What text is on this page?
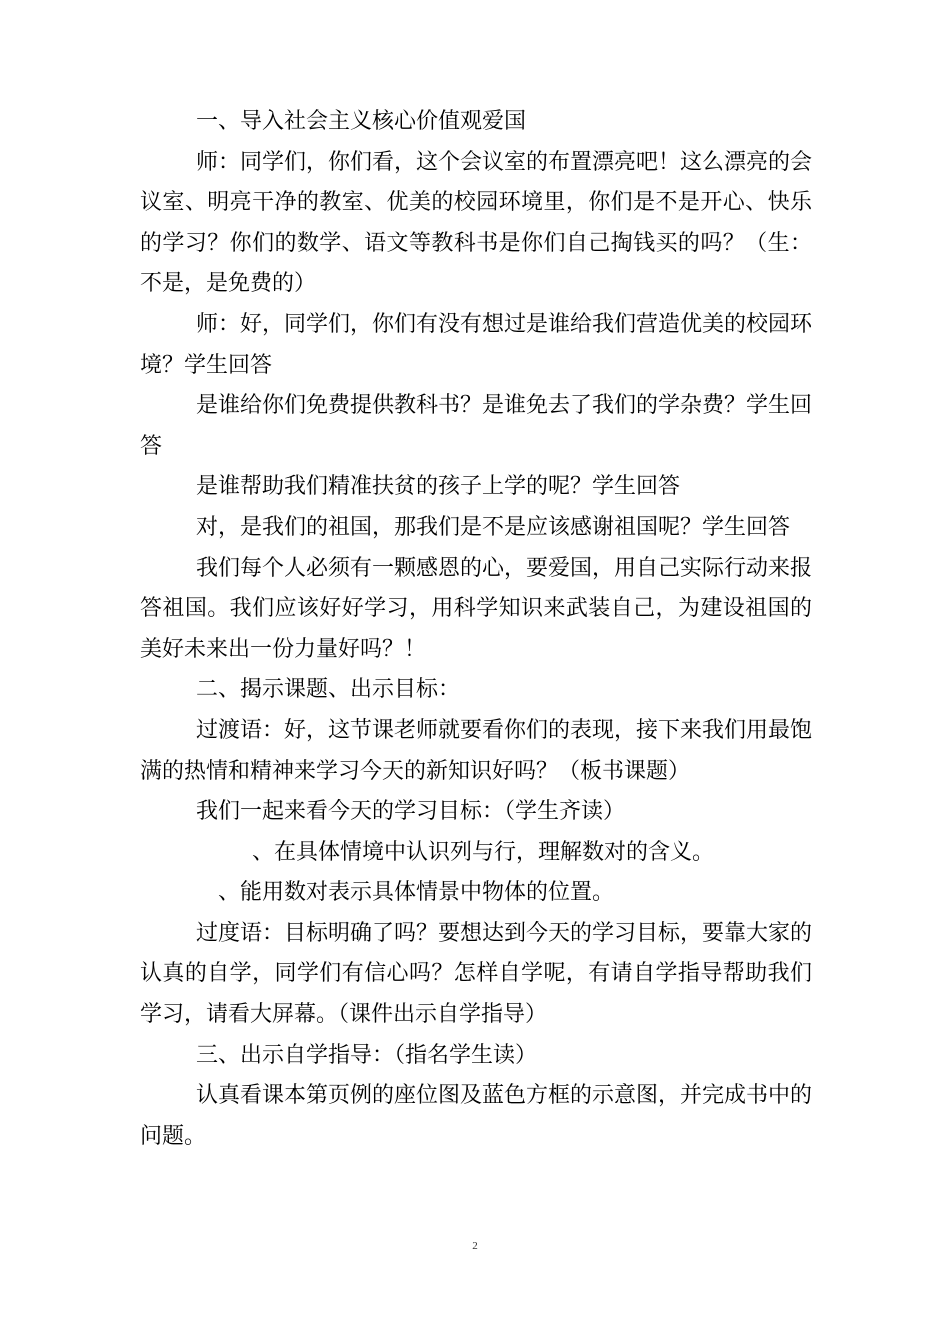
一、导入社会主义核心价值观爱国

师：同学们，你们看，这个会议室的布置漂亮吧！这么漂亮的会议室、明亮干净的教室、优美的校园环境里，你们是不是开心、快乐的学习？你们的数学、语文等教科书是你们自己掏钱买的吗？（生：不是，是免费的）

师：好，同学们，你们有没有想过是谁给我们营造优美的校园环境？学生回答

是谁给你们免费提供教科书？是谁免去了我们的学杂费？学生回答

是谁帮助我们精准扶贫的孩子上学的呢？学生回答

对，是我们的祖国，那我们是不是应该感谢祖国呢？学生回答

我们每个人必须有一颗感恩的心，要爱国，用自己实际行动来报答祖国。我们应该好好学习，用科学知识来武装自己，为建设祖国的美好未来出一份力量好吗？！

二、揭示课题、出示目标：

过渡语：好，这节课老师就要看你们的表现，接下来我们用最饱满的热情和精神来学习今天的新知识好吗？（板书课题）

我们一起来看今天的学习目标：（学生齐读）

、在具体情境中认识列与行，理解数对的含义。

、能用数对表示具体情景中物体的位置。

过度语：目标明确了吗？要想达到今天的学习目标，要靠大家的认真的自学，同学们有信心吗？怎样自学呢，有请自学指导帮助我们学习，请看大屏幕。（课件出示自学指导）

三、出示自学指导：（指名学生读）

认真看课本第页例的座位图及蓝色方框的示意图，并完成书中的问题。

2
